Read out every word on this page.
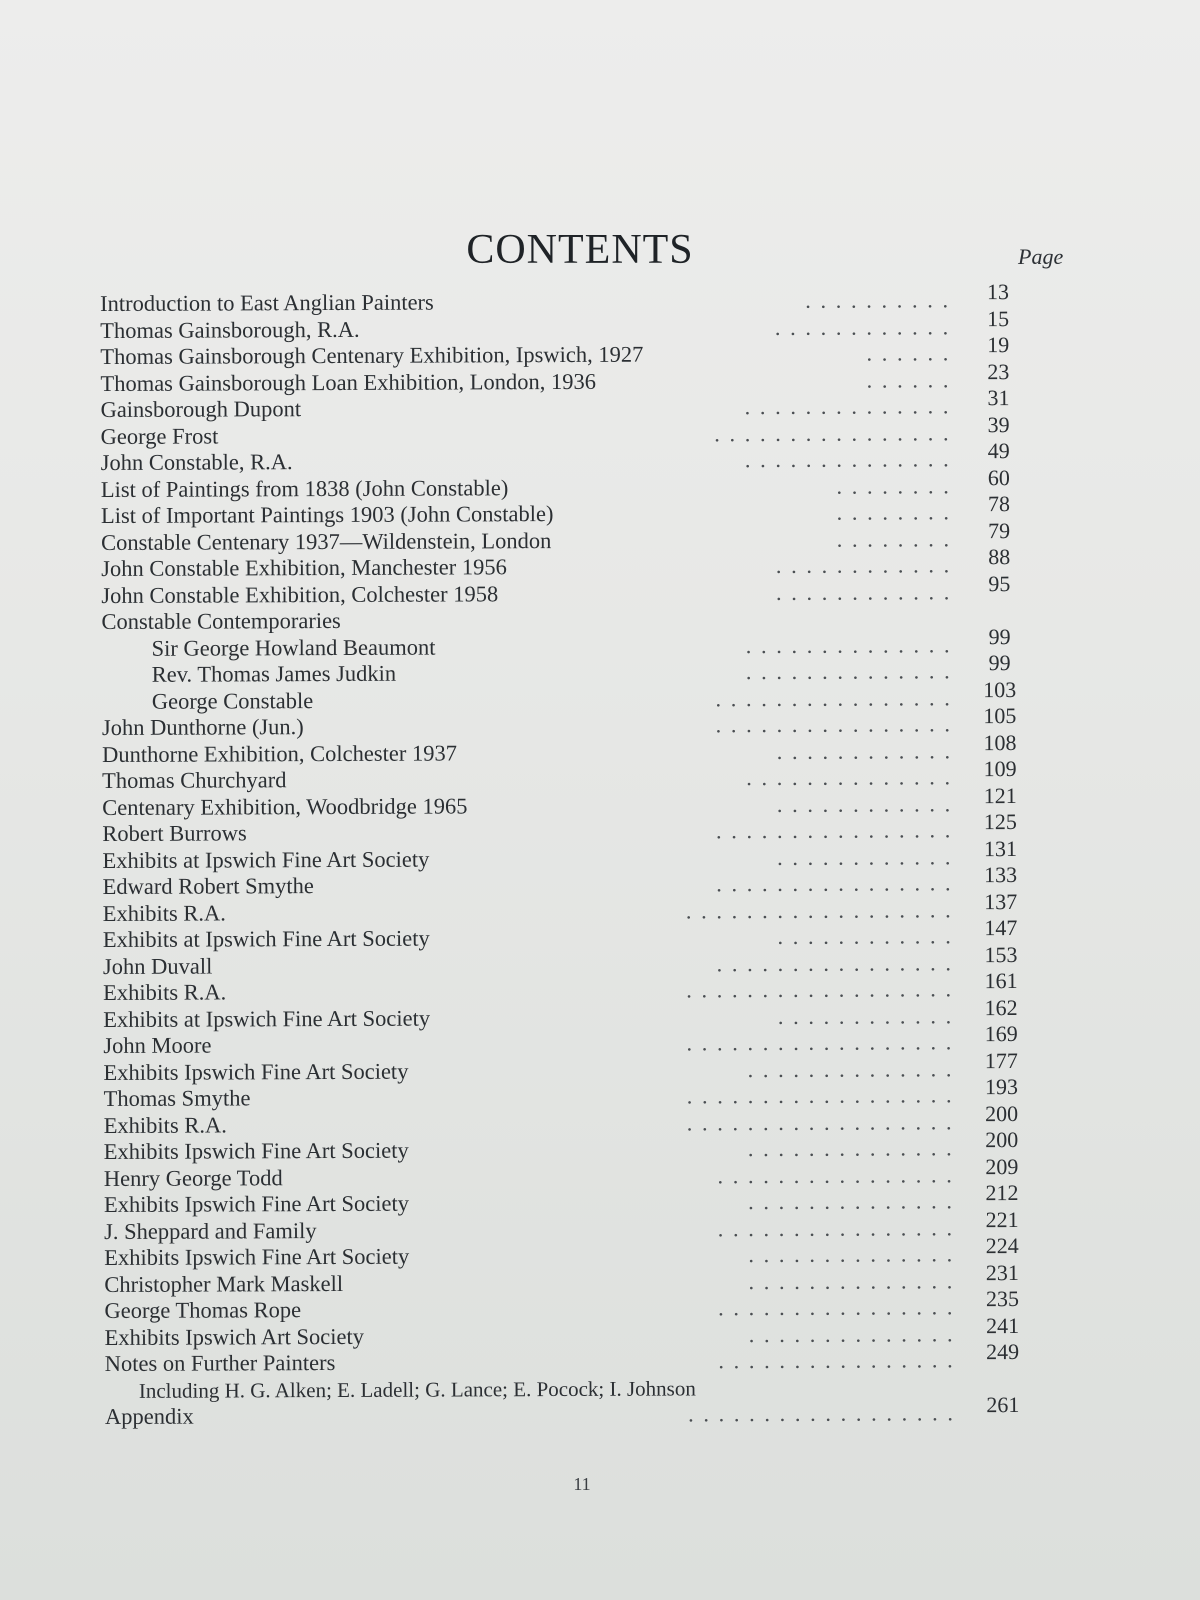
CONTENTS	Page
. . . . . . . . . .
Introduction to East Anglian Painters	13
. . . . . . . . . . . .
Thomas Gainsborough, R.A.	15
. . . . . .
Thomas Gainsborough Centenary Exhibition, Ipswich, 1927	19
. . . . . .
Thomas Gainsborough Loan Exhibition, London, 1936	23
. . . . . . . . . . . . . .
Gainsborough Dupont	31
. . . . . . . . . . . . . . . .
George Frost	39
. . . . . . . . . . . . . .
John Constable, R.A.	49
. . . . . . . .
List of Paintings from 1838 (John Constable)	60
. . . . . . . .
List of Important Paintings 1903 (John Constable)	78
. . . . . . . .
Constable Centenary 1937—Wildenstein, London	79
. . . . . . . . . . . .
John Constable Exhibition, Manchester 1956	88
. . . . . . . . . . . .
John Constable Exhibition, Colchester 1958	95
Constable Contemporaries
. . . . . . . . . . . . . .
Sir George Howland Beaumont	99
. . . . . . . . . . . . . .
Rev. Thomas James Judkin	99
. . . . . . . . . . . . . . . .
George Constable	103
. . . . . . . . . . . . . . . .
John Dunthorne (Jun.)	105
. . . . . . . . . . . .
Dunthorne Exhibition, Colchester 1937	108
. . . . . . . . . . . . . .
Thomas Churchyard	109
. . . . . . . . . . . .
Centenary Exhibition, Woodbridge 1965	121
. . . . . . . . . . . . . . . .
Robert Burrows	125
. . . . . . . . . . . .
Exhibits at Ipswich Fine Art Society	131
. . . . . . . . . . . . . . . .
Edward Robert Smythe	133
. . . . . . . . . . . . . . . . . .
Exhibits R.A.	137
. . . . . . . . . . . .
Exhibits at Ipswich Fine Art Society	147
. . . . . . . . . . . . . . . .
John Duvall	153
. . . . . . . . . . . . . . . . . .
Exhibits R.A.	161
. . . . . . . . . . . .
Exhibits at Ipswich Fine Art Society	162
. . . . . . . . . . . . . . . . . .
John Moore	169
. . . . . . . . . . . . . .
Exhibits Ipswich Fine Art Society	177
. . . . . . . . . . . . . . . . . .
Thomas Smythe	193
. . . . . . . . . . . . . . . . . .
Exhibits R.A.	200
. . . . . . . . . . . . . .
Exhibits Ipswich Fine Art Society	200
. . . . . . . . . . . . . . . .
Henry George Todd	209
. . . . . . . . . . . . . .
Exhibits Ipswich Fine Art Society	212
. . . . . . . . . . . . . . . .
J. Sheppard and Family	221
. . . . . . . . . . . . . .
Exhibits Ipswich Fine Art Society	224
. . . . . . . . . . . . . .
Christopher Mark Maskell	231
. . . . . . . . . . . . . . . .
George Thomas Rope	235
. . . . . . . . . . . . . .
Exhibits Ipswich Art Society	241
. . . . . . . . . . . . . . . .
Notes on Further Painters	249
Including H. G. Alken; E. Ladell; G. Lance; E. Pocock; I. Johnson
. . . . . . . . . . . . . . . . . .
Appendix	261
11
